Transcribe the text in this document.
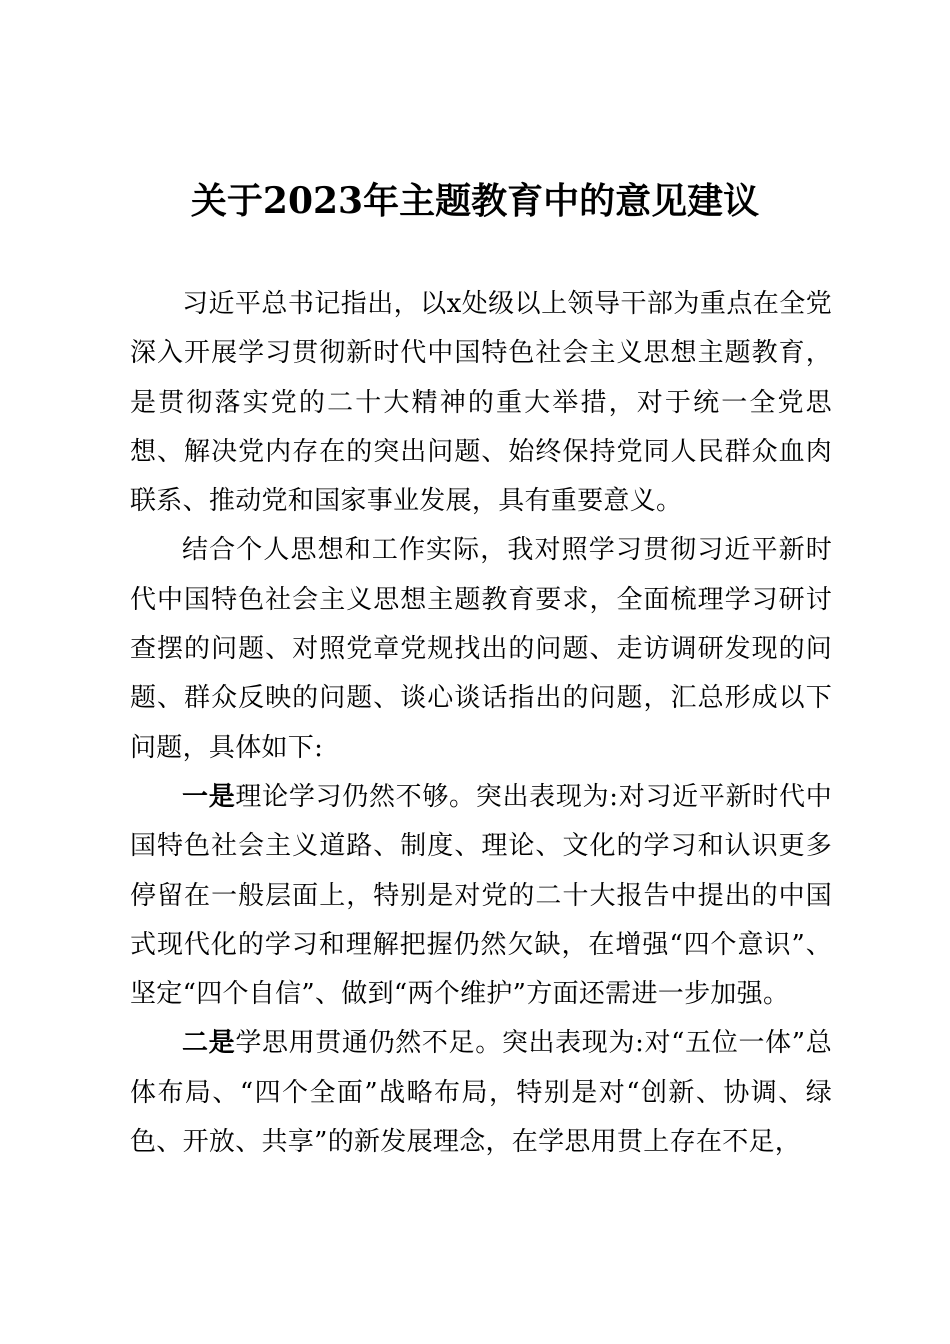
关于2023年主题教育中的意见建议

习近平总书记指出，以x处级以上领导干部为重点在全党深入开展学习贯彻新时代中国特色社会主义思想主题教育，是贯彻落实党的二十大精神的重大举措，对于统一全党思想、解决党内存在的突出问题、始终保持党同人民群众血肉联系、推动党和国家事业发展，具有重要意义。

结合个人思想和工作实际，我对照学习贯彻习近平新时代中国特色社会主义思想主题教育要求，全面梳理学习研讨查摆的问题、对照党章党规找出的问题、走访调研发现的问题、群众反映的问题、谈心谈话指出的问题，汇总形成以下问题，具体如下:

一是理论学习仍然不够。突出表现为:对习近平新时代中国特色社会主义道路、制度、理论、文化的学习和认识更多停留在一般层面上，特别是对党的二十大报告中提出的中国式现代化的学习和理解把握仍然欠缺，在增强“四个意识”、坚定“四个自信”、做到“两个维护”方面还需进一步加强。

二是学思用贯通仍然不足。突出表现为:对“五位一体”总体布局、“四个全面”战略布局，特别是对“创新、协调、绿色、开放、共享”的新发展理念，在学思用贯上存在不足，
